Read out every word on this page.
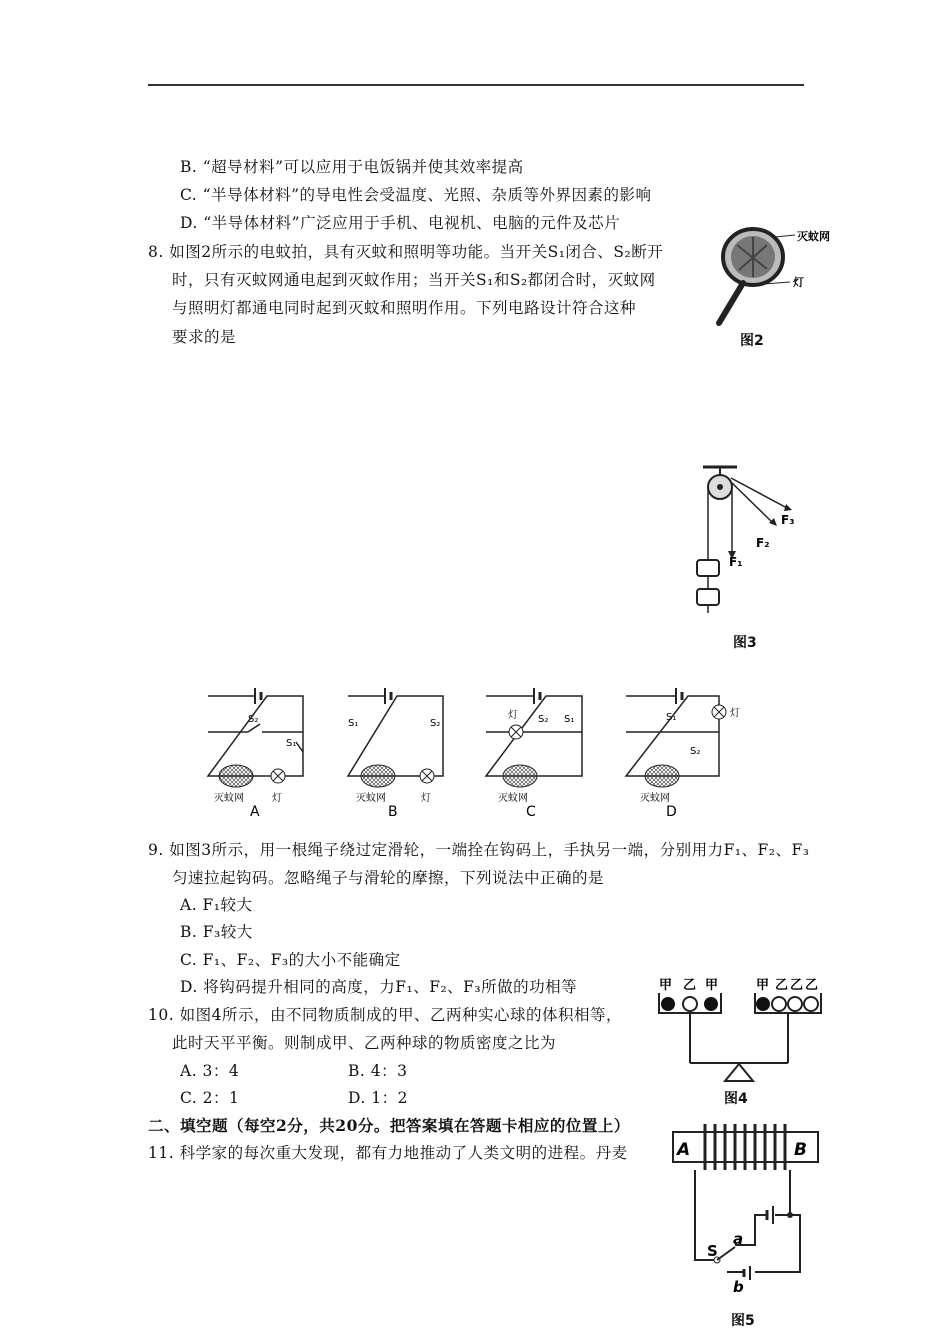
B. “超导材料”可以应用于电饭锅并使其效率提高
C. “半导体材料”的导电性会受温度、光照、杂质等外界因素的影响
D. “半导体材料”广泛应用于手机、电视机、电脑的元件及芯片
8. 如图2所示的电蚊拍，具有灭蚊和照明等功能。当开关S₁闭合、S₂断开
时，只有灭蚊网通电起到灭蚊作用；当开关S₁和S₂都闭合时，灭蚊网
与照明灯都通电同时起到灭蚊和照明作用。下列电路设计符合这种
要求的是
灭蚊网
灯
图2
F₁
F₂
F₃
图3
S₂
S₁
灭蚊网	灯
A
S₁	S₂
灭蚊网	灯
B
灯 S₂ S₁
灭蚊网
C
灯
S₁
S₂
灭蚊网
D
9. 如图3所示，用一根绳子绕过定滑轮，一端拴在钩码上，手执另一端，分别用力F₁、F₂、F₃
匀速拉起钩码。忽略绳子与滑轮的摩擦，下列说法中正确的是
A. F₁较大
B. F₃较大
C. F₁、F₂、F₃的大小不能确定
D. 将钩码提升相同的高度，力F₁、F₂、F₃所做的功相等
10. 如图4所示，由不同物质制成的甲、乙两种实心球的体积相等，
此时天平平衡。则制成甲、乙两种球的物质密度之比为
A. 3：4	B. 4：3
C. 2：1	D. 1：2
甲 乙 甲	甲 乙 乙 乙
图4
二、填空题（每空2分，共20分。把答案填在答题卡相应的位置上）
11. 科学家的每次重大发现，都有力地推动了人类文明的进程。丹麦	A	B
S
a
b
图5
